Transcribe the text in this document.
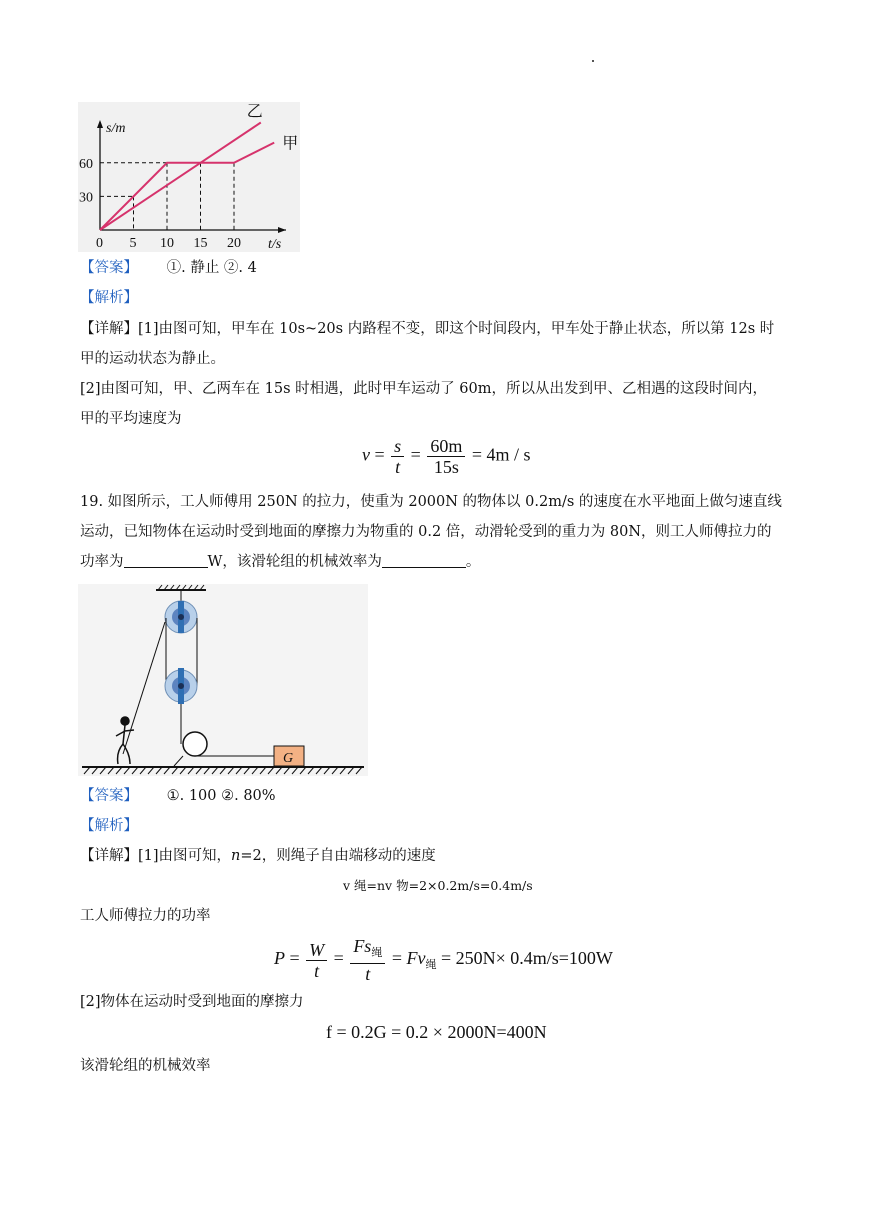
甲
乙
0 5 10 15 20
30
60
s/m
t/s
【答案】 ①. 静止 ②. 4
【解析】
【详解】[1]由图可知，甲车在 10s~20s 内路程不变，即这个时间段内，甲车处于静止状态，所以第 12s 时
甲的运动状态为静止。
[2]由图可知，甲、乙两车在 15s 时相遇，此时甲车运动了 60m，所以从出发到甲、乙相遇的这段时间内，
甲的平均速度为
$v = \frac{s}{t} = \frac{60m}{15s} = 4m / s$
19. 如图所示，工人师傅用 250N 的拉力，使重为 2000N 的物体以 0.2m/s 的速度在水平地面上做匀速直线
运动，已知物体在运动时受到地面的摩擦力为物重的 0.2 倍，动滑轮受到的重力为 80N，则工人师傅拉力的
功率为	W，该滑轮组的机械效率为	。
G
【答案】 ①. 100 ②. 80%
【解析】
【详解】[1]由图可知，n=2，则绳子自由端移动的速度
v 绳=nv 物=2×0.2m/s=0.4m/s
工人师傅拉力的功率
$P = \frac{W}{t} = \frac{Fs_绳}{t} = Fv_绳 = 250N\times 0.4m/s=100W$
[2]物体在运动时受到地面的摩擦力
f = 0.2G = 0.2 × 2000N=400N
该滑轮组的机械效率
